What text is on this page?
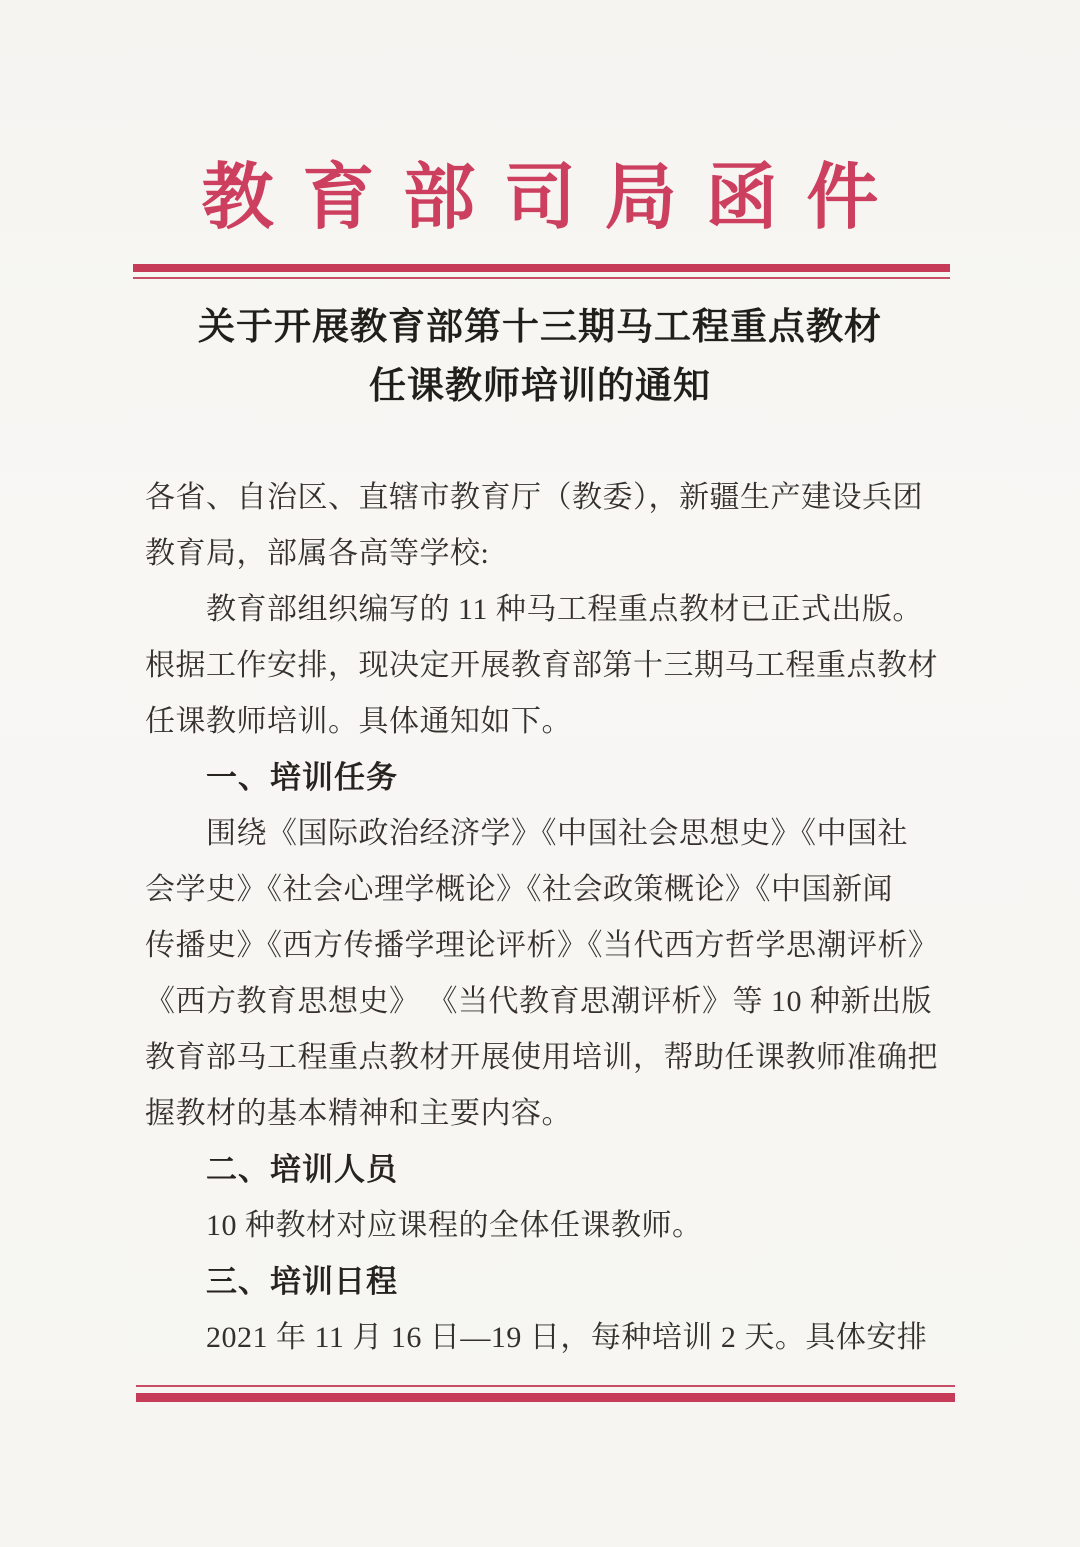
教育部司局函件
关于开展教育部第十三期马工程重点教材
任课教师培训的通知
各省、自治区、直辖市教育厅（教委），新疆生产建设兵团
教育局，部属各高等学校:
教育部组织编写的 11 种马工程重点教材已正式出版。
根据工作安排，现决定开展教育部第十三期马工程重点教材
任课教师培训。具体通知如下。
一、培训任务
围绕《国际政治经济学》《中国社会思想史》《中国社
会学史》《社会心理学概论》《社会政策概论》《中国新闻
传播史》《西方传播学理论评析》《当代西方哲学思潮评析》
《西方教育思想史》 《当代教育思潮评析》等 10 种新出版
教育部马工程重点教材开展使用培训，帮助任课教师准确把
握教材的基本精神和主要内容。
二、培训人员
10 种教材对应课程的全体任课教师。
三、培训日程
2021 年 11 月 16 日—19 日，每种培训 2 天。具体安排
